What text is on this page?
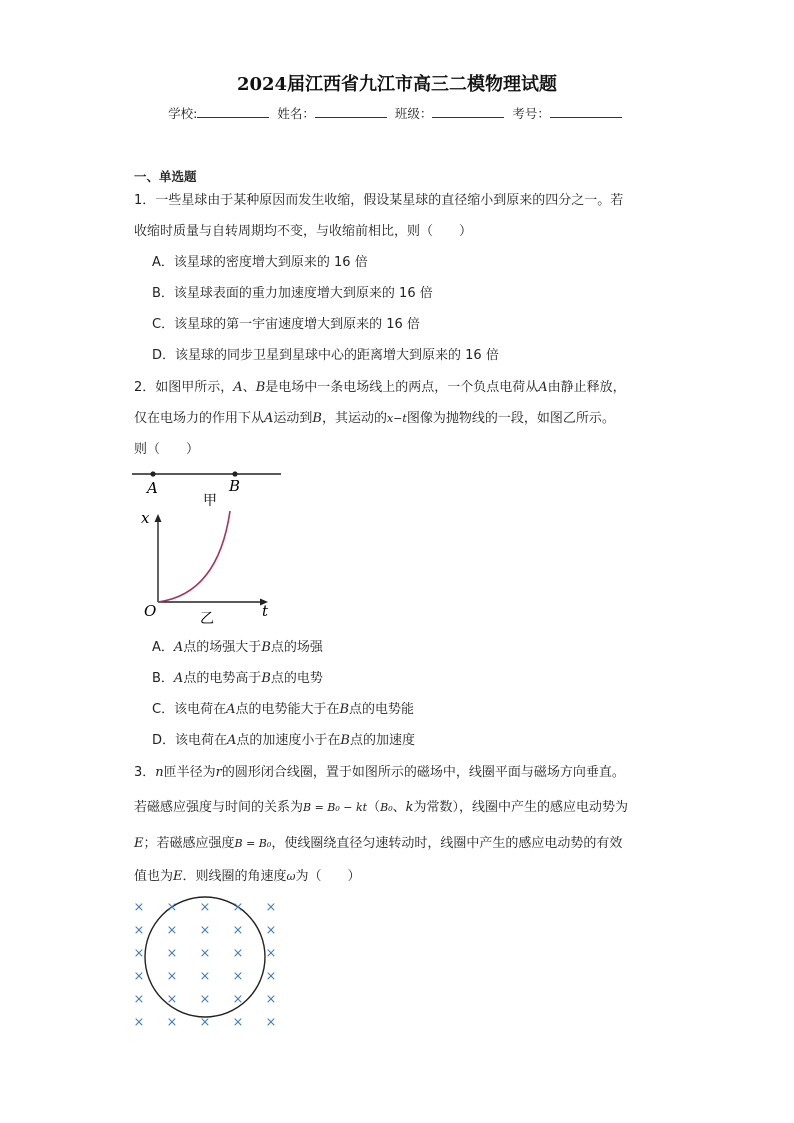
2024届江西省九江市高三二模物理试题
学校:	姓名：	班级：	考号：
一、单选题
1．一些星球由于某种原因而发生收缩，假设某星球的直径缩小到原来的四分之一。若
收缩时质量与自转周期均不变，与收缩前相比，则（　　）
A．该星球的密度增大到原来的 16 倍
B．该星球表面的重力加速度增大到原来的 16 倍
C．该星球的第一宇宙速度增大到原来的 16 倍
D．该星球的同步卫星到星球中心的距离增大到原来的 16 倍
2．如图甲所示，A、B是电场中一条电场线上的两点，一个负点电荷从A由静止释放，
仅在电场力的作用下从A运动到B，其运动的x−t图像为抛物线的一段，如图乙所示。
则（　　）
A	B
甲
x
t
O	乙
A．A点的场强大于B点的场强
B．A点的电势高于B点的电势
C．该电荷在A点的电势能大于在B点的电势能
D．该电荷在A点的加速度小于在B点的加速度
3．n匝半径为r的圆形闭合线圈，置于如图所示的磁场中，线圈平面与磁场方向垂直。
若磁感应强度与时间的关系为B = B₀ − kt（B₀、k为常数），线圈中产生的感应电动势为
E；若磁感应强度B = B₀，使线圈绕直径匀速转动时，线圈中产生的感应电动势的有效
值也为E．则线圈的角速度ω为（　　）
× × × × ×
× × × × ×
× × × × ×
× × × × ×
× × × × ×
× × × × ×
